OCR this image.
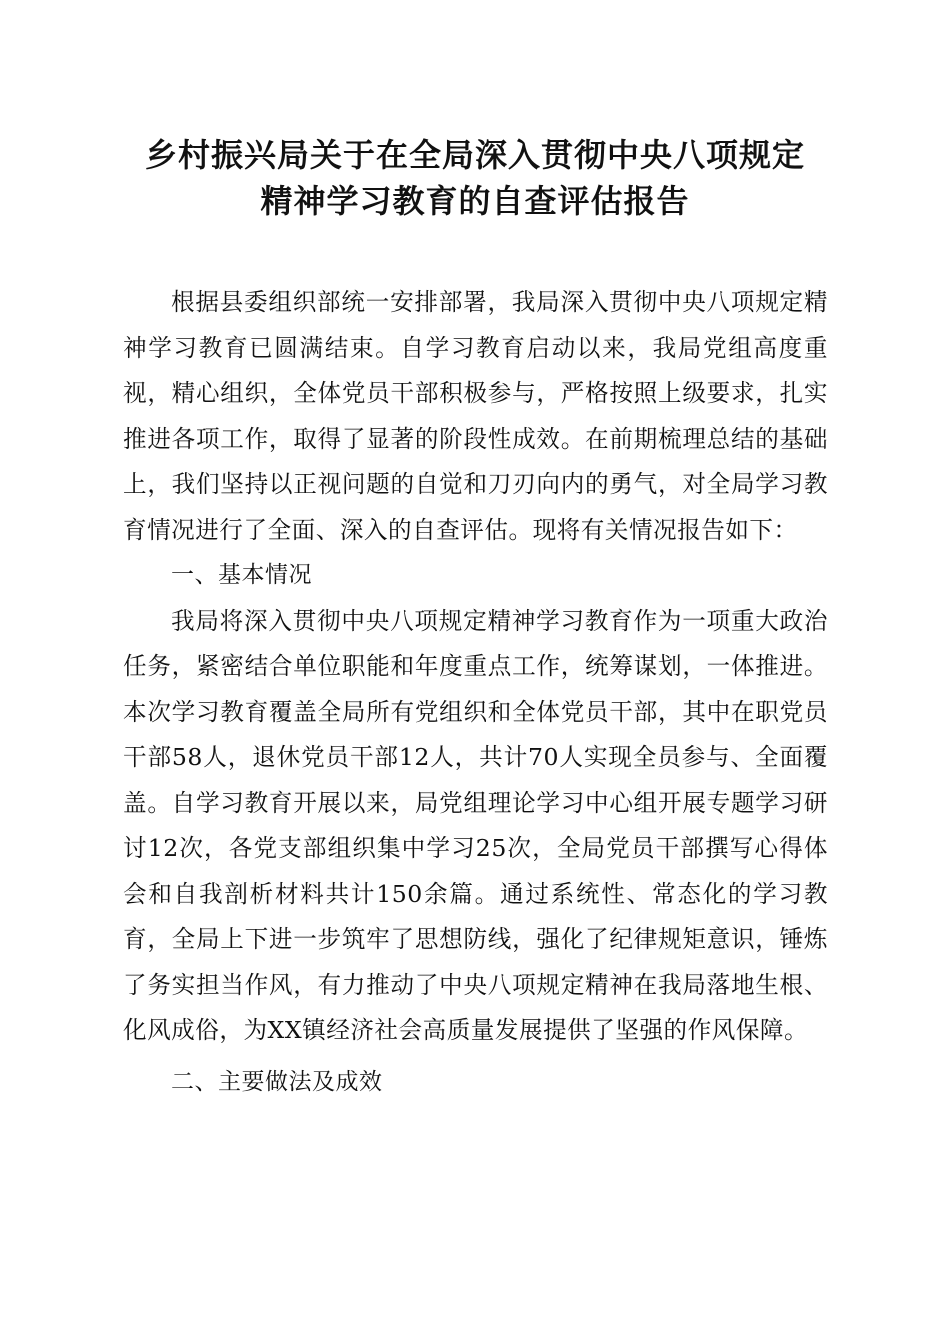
乡村振兴局关于在全局深入贯彻中央八项规定
精神学习教育的自查评估报告

根据县委组织部统一安排部署，我局深入贯彻中央八项规定精神学习教育已圆满结束。自学习教育启动以来，我局党组高度重视，精心组织，全体党员干部积极参与，严格按照上级要求，扎实推进各项工作，取得了显著的阶段性成效。在前期梳理总结的基础上，我们坚持以正视问题的自觉和刀刃向内的勇气，对全局学习教育情况进行了全面、深入的自查评估。现将有关情况报告如下：

一、基本情况

我局将深入贯彻中央八项规定精神学习教育作为一项重大政治任务，紧密结合单位职能和年度重点工作，统筹谋划，一体推进。本次学习教育覆盖全局所有党组织和全体党员干部，其中在职党员干部58人，退休党员干部12人，共计70人实现全员参与、全面覆盖。自学习教育开展以来，局党组理论学习中心组开展专题学习研讨12次，各党支部组织集中学习25次，全局党员干部撰写心得体会和自我剖析材料共计150余篇。通过系统性、常态化的学习教育，全局上下进一步筑牢了思想防线，强化了纪律规矩意识，锤炼了务实担当作风，有力推动了中央八项规定精神在我局落地生根、化风成俗，为XX镇经济社会高质量发展提供了坚强的作风保障。

二、主要做法及成效
